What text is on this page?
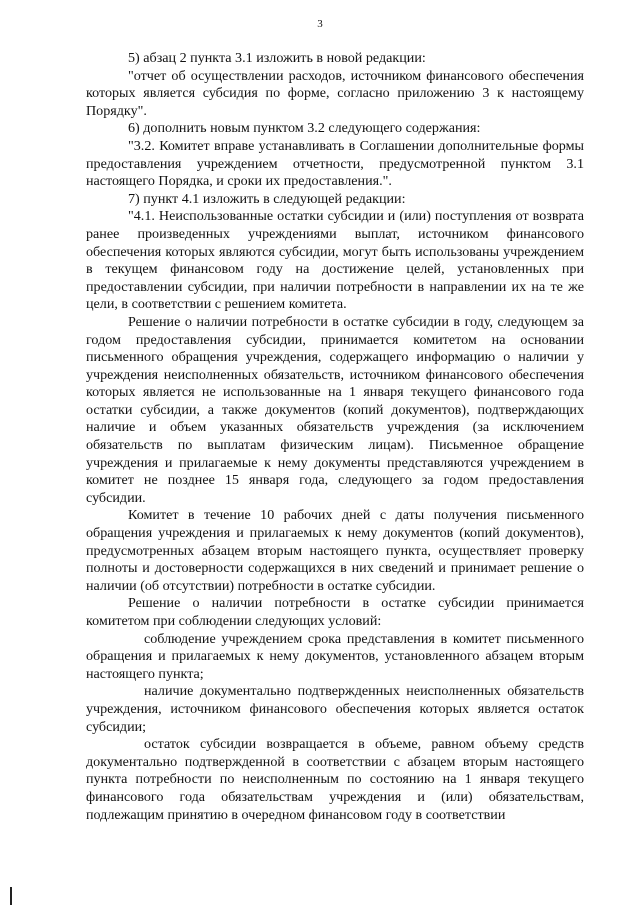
3

5) абзац 2 пункта 3.1 изложить в новой редакции:

"отчет об осуществлении расходов, источником финансового обеспечения которых является субсидия по форме, согласно приложению 3 к настоящему Порядку".

6) дополнить новым пунктом 3.2 следующего содержания:

"3.2. Комитет вправе устанавливать в Соглашении дополнительные формы предоставления учреждением отчетности, предусмотренной пунктом 3.1 настоящего Порядка, и сроки их предоставления.".

7) пункт 4.1 изложить в следующей редакции:

"4.1. Неиспользованные остатки субсидии и (или) поступления от возврата ранее произведенных учреждениями выплат, источником финансового обеспечения которых являются субсидии, могут быть использованы учреждением в текущем финансовом году на достижение целей, установленных при предоставлении субсидии, при наличии потребности в направлении их на те же цели, в соответствии с решением комитета.

Решение о наличии потребности в остатке субсидии в году, следующем за годом предоставления субсидии, принимается комитетом на основании письменного обращения учреждения, содержащего информацию о наличии у учреждения неисполненных обязательств, источником финансового обеспечения которых является не использованные на 1 января текущего финансового года остатки субсидии, а также документов (копий документов), подтверждающих наличие и объем указанных обязательств учреждения (за исключением обязательств по выплатам физическим лицам). Письменное обращение учреждения и прилагаемые к нему документы представляются учреждением в комитет не позднее 15 января года, следующего за годом предоставления субсидии.

Комитет в течение 10 рабочих дней с даты получения письменного обращения учреждения и прилагаемых к нему документов (копий документов), предусмотренных абзацем вторым настоящего пункта, осуществляет проверку полноты и достоверности содержащихся в них сведений и принимает решение о наличии (об отсутствии) потребности в остатке субсидии.

Решение о наличии потребности в остатке субсидии принимается комитетом при соблюдении следующих условий:

соблюдение учреждением срока представления в комитет письменного обращения и прилагаемых к нему документов, установленного абзацем вторым настоящего пункта;

наличие документально подтвержденных неисполненных обязательств учреждения, источником финансового обеспечения которых является остаток субсидии;

остаток субсидии возвращается в объеме, равном объему средств документально подтвержденной в соответствии с абзацем вторым настоящего пункта потребности по неисполненным по состоянию на 1 января текущего финансового года обязательствам учреждения и (или) обязательствам, подлежащим принятию в очередном финансовом году в соответствии
